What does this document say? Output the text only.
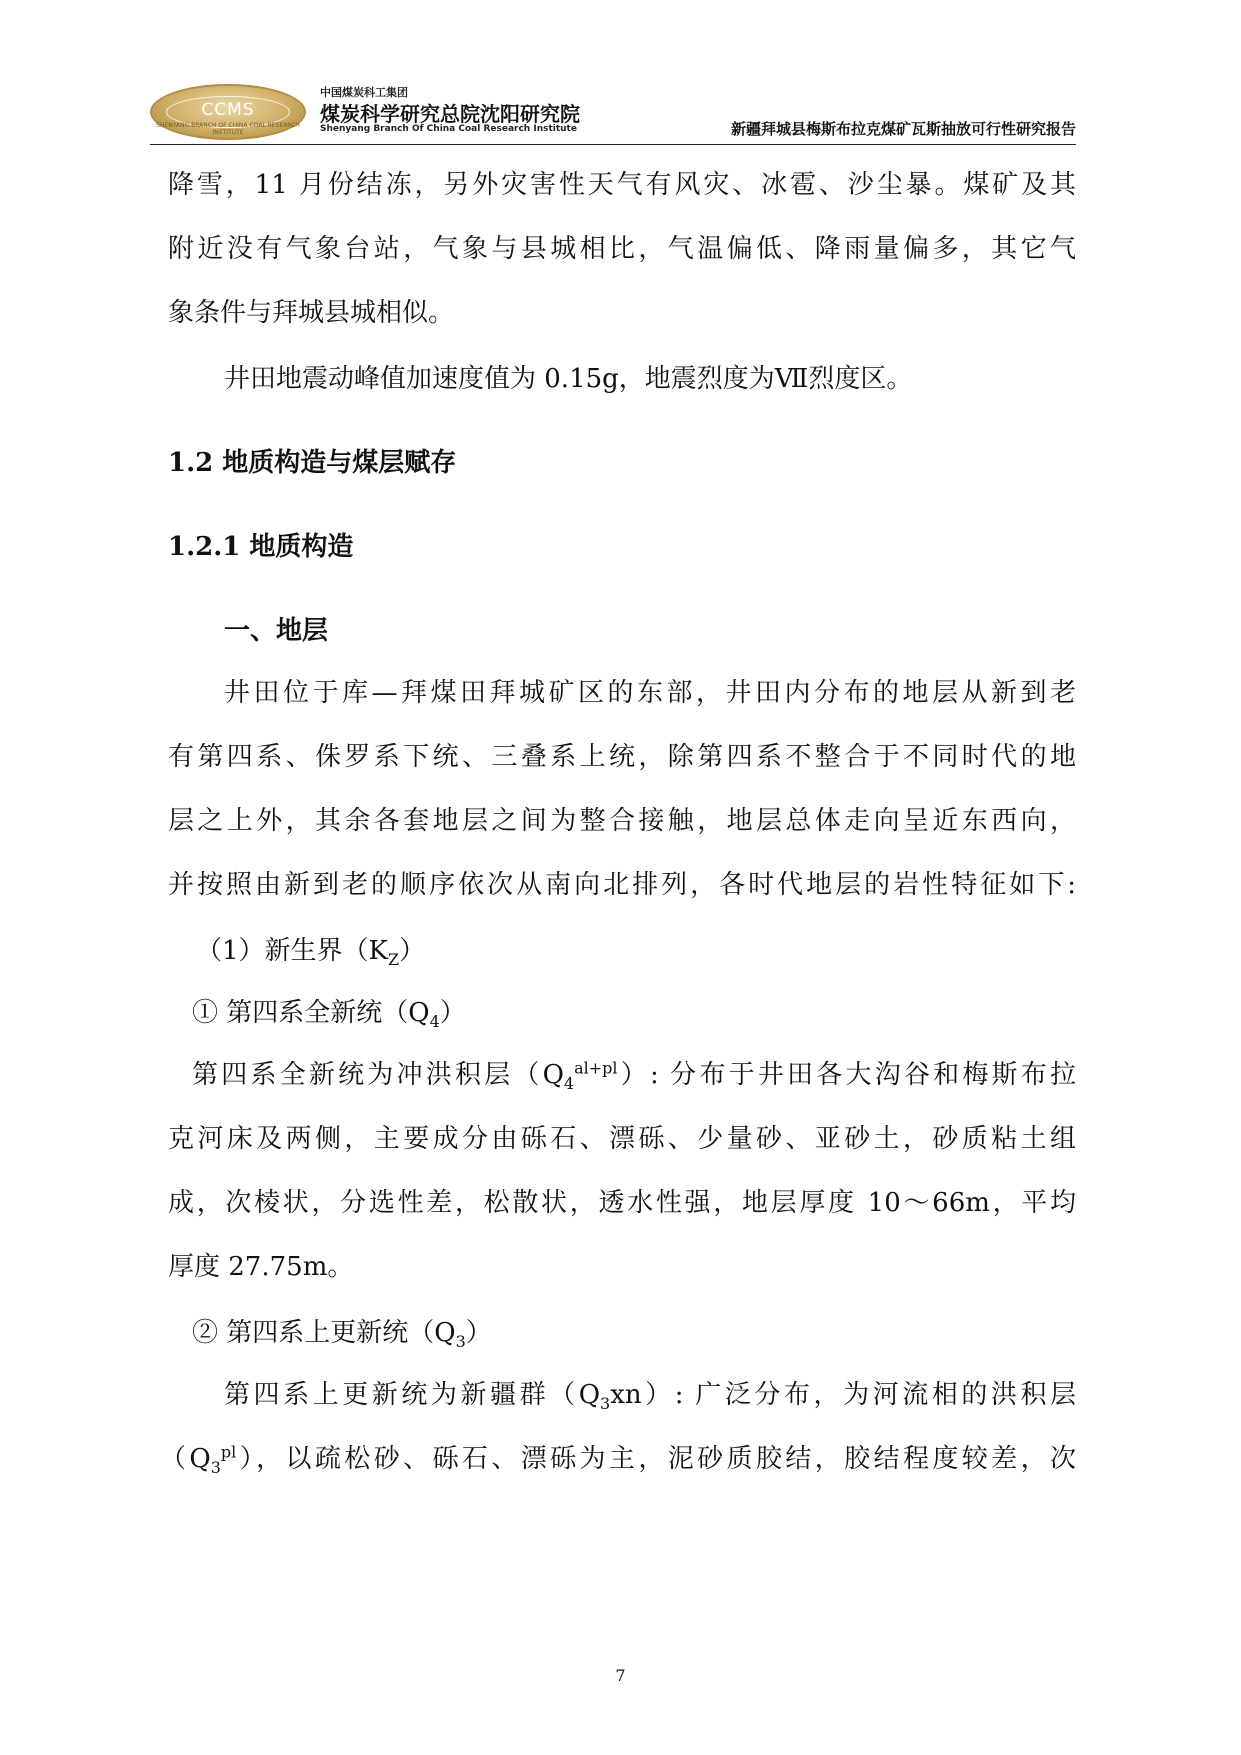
CCMS
SHENYANG BRANCH OF CHINA COAL RESEARCH INSTITUTE
中国煤炭科工集团
煤炭科学研究总院沈阳研究院
Shenyang Branch Of China Coal Research Institute	新疆拜城县梅斯布拉克煤矿瓦斯抽放可行性研究报告
降雪，11 月份结冻，另外灾害性天气有风灾、冰雹、沙尘暴。煤矿及其
附近没有气象台站，气象与县城相比，气温偏低、降雨量偏多，其它气
象条件与拜城县城相似。
井田地震动峰值加速度值为 0.15g，地震烈度为Ⅶ烈度区。
1.2 地质构造与煤层赋存
1.2.1 地质构造
一、地层
井田位于库—拜煤田拜城矿区的东部，井田内分布的地层从新到老
有第四系、侏罗系下统、三叠系上统，除第四系不整合于不同时代的地
层之上外，其余各套地层之间为整合接触，地层总体走向呈近东西向，
并按照由新到老的顺序依次从南向北排列，各时代地层的岩性特征如下:
（1）新生界$(K_Z)$
① 第四系全新统$(Q_4)$
第四系全新统为冲洪积层$(Q_4^{al+pl})$: 分布于井田各大沟谷和梅斯布拉
克河床及两侧，主要成分由砾石、漂砾、少量砂、亚砂土，砂质粘土组
成，次棱状，分选性差，松散状，透水性强，地层厚度 10～66m，平均
厚度 27.75m。
② 第四系上更新统$(Q_3)$
第四系上更新统为新疆群$(Q_3xn)$: 广泛分布，为河流相的洪积层
$(Q_3^{pl})$，以疏松砂、砾石、漂砾为主，泥砂质胶结，胶结程度较差，次
7
